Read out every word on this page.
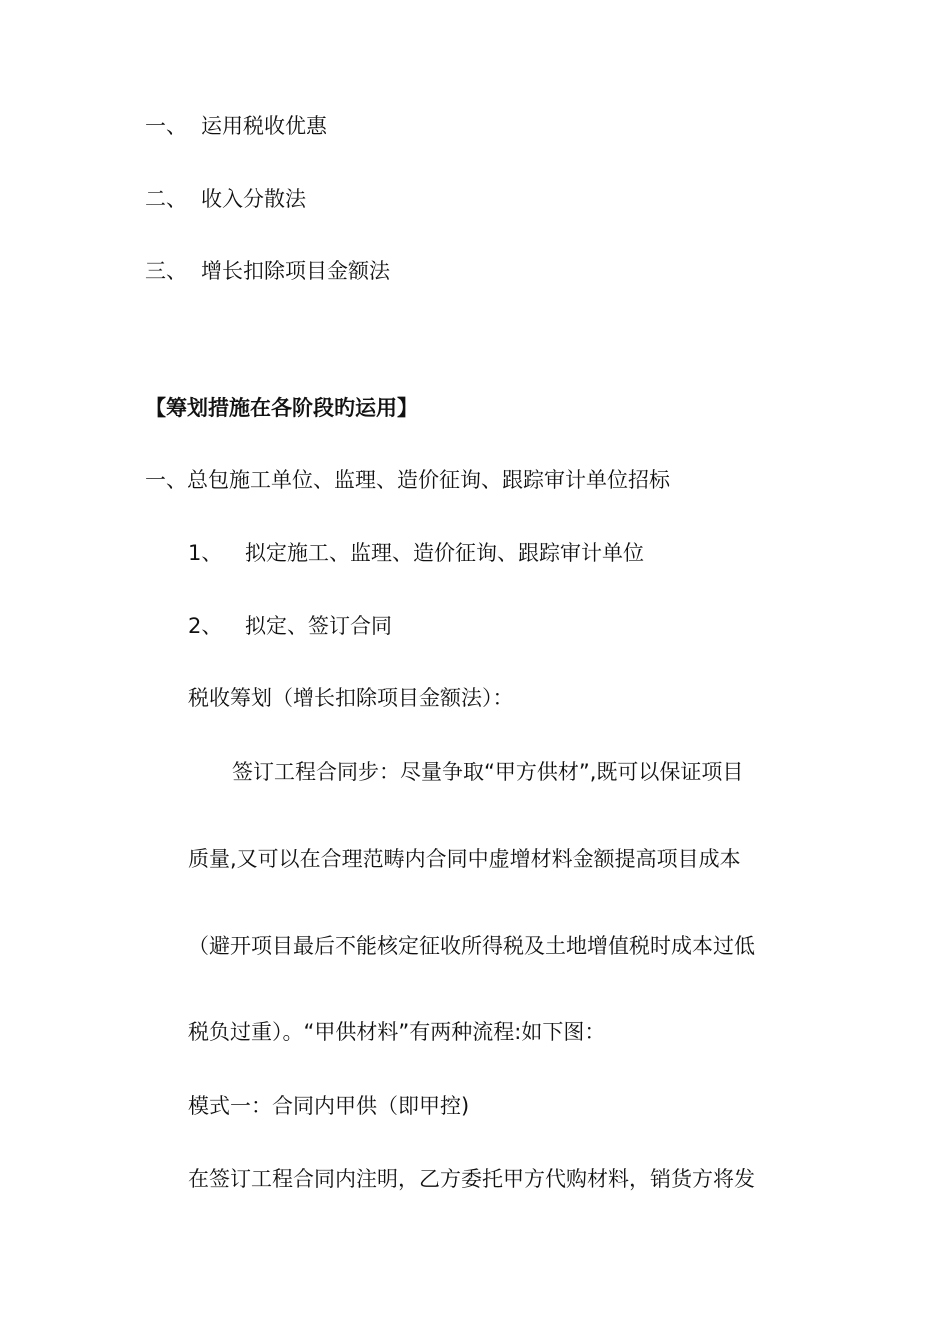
一、 运用税收优惠
二、 收入分散法
三、 增长扣除项目金额法
【筹划措施在各阶段旳运用】
一、总包施工单位、监理、造价征询、跟踪审计单位招标
1、 拟定施工、监理、造价征询、跟踪审计单位
2、 拟定、签订合同
税收筹划（增长扣除项目金额法）：
签订工程合同步：尽量争取“甲方供材”,既可以保证项目
质量,又可以在合理范畴内合同中虚增材料金额提高项目成本
（避开项目最后不能核定征收所得税及土地增值税时成本过低
税负过重）。“甲供材料”有两种流程:如下图：
模式一：合同内甲供（即甲控)
在签订工程合同内注明，乙方委托甲方代购材料，销货方将发
